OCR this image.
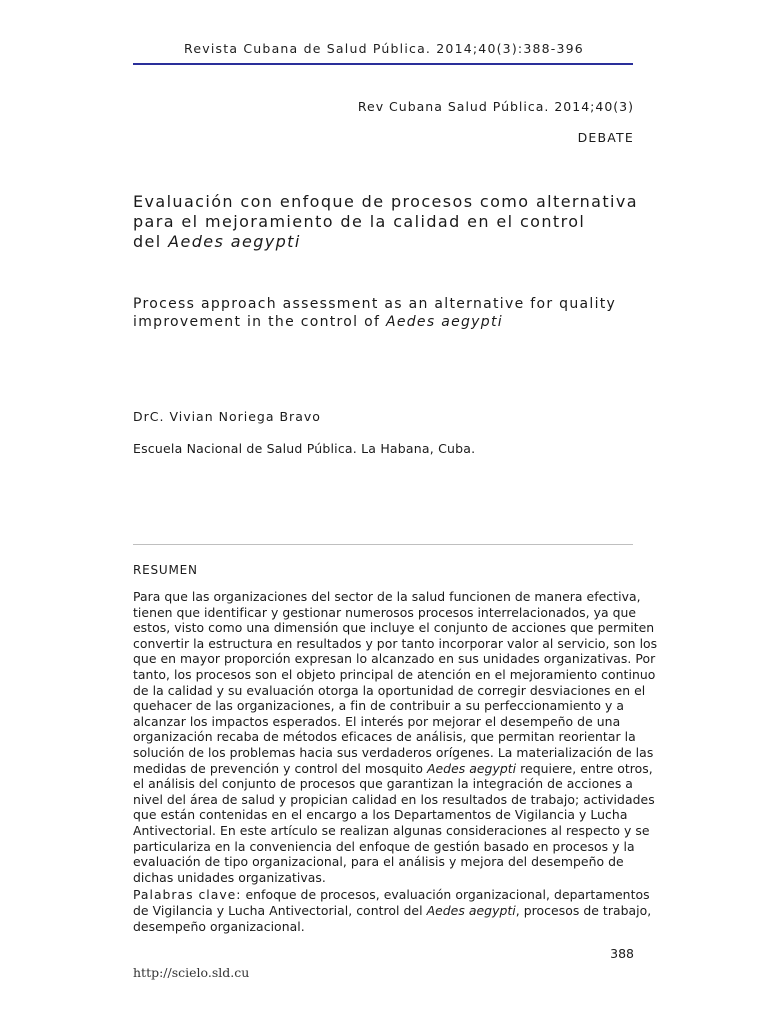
Revista Cubana de Salud Pública. 2014;40(3):388-396
Rev Cubana Salud Pública. 2014;40(3)
DEBATE
Evaluación con enfoque de procesos como alternativa
para el mejoramiento de la calidad en el control
del Aedes aegypti
Process approach assessment as an alternative for quality
improvement in the control of Aedes aegypti
DrC. Vivian Noriega Bravo
Escuela Nacional de Salud Pública. La Habana, Cuba.
RESUMEN
Para que las organizaciones del sector de la salud funcionen de manera efectiva,
tienen que identificar y gestionar numerosos procesos interrelacionados, ya que
estos, visto como una dimensión que incluye el conjunto de acciones que permiten
convertir la estructura en resultados y por tanto incorporar valor al servicio, son los
que en mayor proporción expresan lo alcanzado en sus unidades organizativas. Por
tanto, los procesos son el objeto principal de atención en el mejoramiento continuo
de la calidad y su evaluación otorga la oportunidad de corregir desviaciones en el
quehacer de las organizaciones, a fin de contribuir a su perfeccionamiento y a
alcanzar los impactos esperados. El interés por mejorar el desempeño de una
organización recaba de métodos eficaces de análisis, que permitan reorientar la
solución de los problemas hacia sus verdaderos orígenes. La materialización de las
medidas de prevención y control del mosquito Aedes aegypti requiere, entre otros,
el análisis del conjunto de procesos que garantizan la integración de acciones a
nivel del área de salud y propician calidad en los resultados de trabajo; actividades
que están contenidas en el encargo a los Departamentos de Vigilancia y Lucha
Antivectorial. En este artículo se realizan algunas consideraciones al respecto y se
particulariza en la conveniencia del enfoque de gestión basado en procesos y la
evaluación de tipo organizacional, para el análisis y mejora del desempeño de
dichas unidades organizativas.
Palabras clave: enfoque de procesos, evaluación organizacional, departamentos
de Vigilancia y Lucha Antivectorial, control del Aedes aegypti, procesos de trabajo,
desempeño organizacional.
388
http://scielo.sld.cu
